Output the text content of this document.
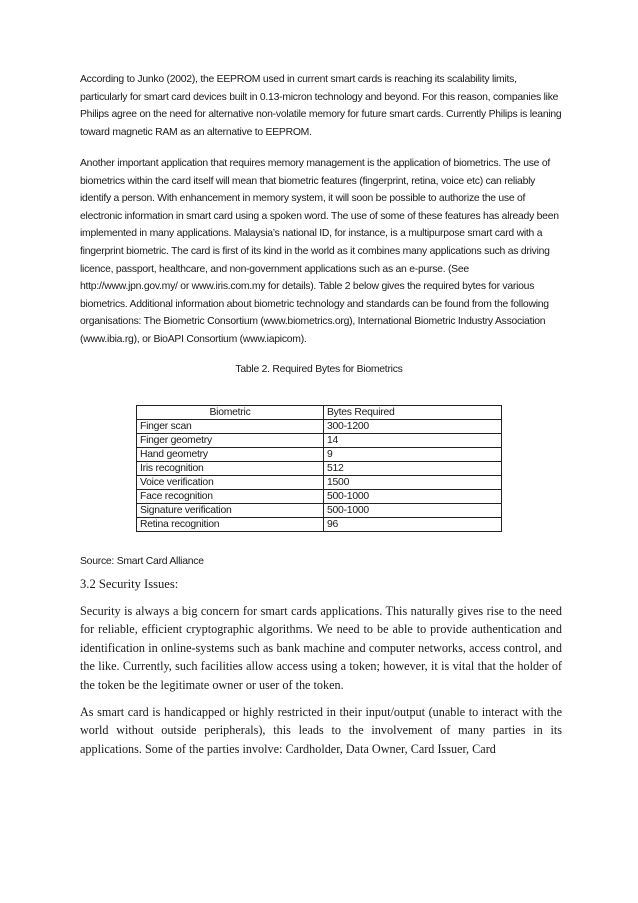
According to Junko (2002), the EEPROM used in current smart cards is reaching its scalability limits, particularly for smart card devices built in 0.13-micron technology and beyond. For this reason, companies like Philips agree on the need for alternative non-volatile memory for future smart cards. Currently Philips is leaning toward magnetic RAM as an alternative to EEPROM.

Another important application that requires memory management is the application of biometrics. The use of biometrics within the card itself will mean that biometric features (fingerprint, retina, voice etc) can reliably identify a person. With enhancement in memory system, it will soon be possible to authorize the use of electronic information in smart card using a spoken word. The use of some of these features has already been implemented in many applications. Malaysia’s national ID, for instance, is a multipurpose smart card with a fingerprint biometric. The card is first of its kind in the world as it combines many applications such as driving licence, passport, healthcare, and non-government applications such as an e-purse. (See http://www.jpn.gov.my/ or www.iris.com.my for details). Table 2 below gives the required bytes for various biometrics. Additional information about biometric technology and standards can be found from the following organisations: The Biometric Consortium (www.biometrics.org), International Biometric Industry Association (www.ibia.rg), or BioAPI Consortium (www.iapicom).

Table 2. Required Bytes for Biometrics
Biometric	Bytes Required
Finger scan	300-1200
Finger geometry	14
Hand geometry	9
Iris recognition	512
Voice verification	1500
Face recognition	500-1000
Signature verification	500-1000
Retina recognition	96
Source: Smart Card Alliance
3.2 Security Issues:

Security is always a big concern for smart cards applications. This naturally gives rise to the need for reliable, efficient cryptographic algorithms. We need to be able to provide authentication and identification in online-systems such as bank machine and computer networks, access control, and the like. Currently, such facilities allow access using a token; however, it is vital that the holder of the token be the legitimate owner or user of the token.

As smart card is handicapped or highly restricted in their input/output (unable to interact with the world without outside peripherals), this leads to the involvement of many parties in its applications. Some of the parties involve: Cardholder, Data Owner, Card Issuer, Card
